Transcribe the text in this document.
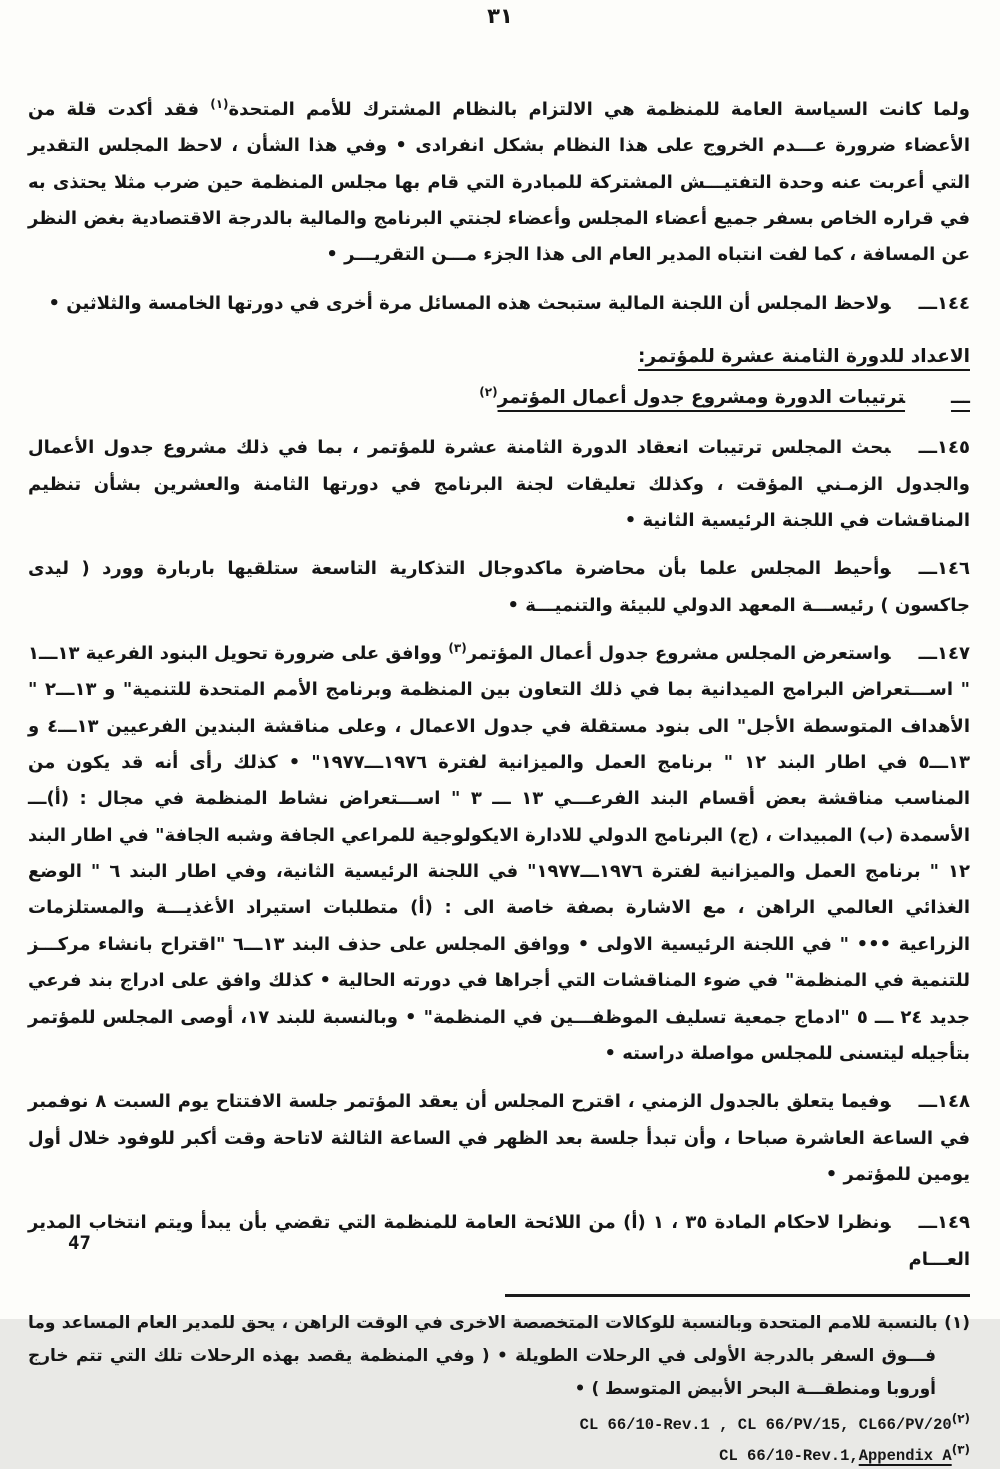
٣١

ولما كانت السياسة العامة للمنظمة هي الالتزام بالنظام المشترك للأمم المتحدة$^{(١)}$ فقد أكدت قلة من الأعضاء ضرورة عـــدم الخروج على هذا النظام بشكل انفرادى • وفي هذا الشأن ، لاحظ المجلس التقدير التي أعربت عنه وحدة التفتيـــش المشتركة للمبادرة التي قام بها مجلس المنظمة حين ضرب مثلا يحتذى به في قراره الخاص بسفر جميع أعضاء المجلس وأعضاء لجنتي البرنامج والمالية بالدرجة الاقتصادية بغض النظر عن المسافة ، كما لفت انتباه المدير العام الى هذا الجزء مـــن التقريـــر •

١٤٤ـــولاحظ المجلس أن اللجنة المالية ستبحث هذه المسائل مرة أخرى في دورتها الخامسة والثلاثين •

الاعداد للدورة الثامنة عشرة للمؤتمر:
ـــترتيبات الدورة ومشروع جدول أعمال المؤتمر$^{(٢)}$

١٤٥ـــبحث المجلس ترتيبات انعقاد الدورة الثامنة عشرة للمؤتمر ، بما في ذلك مشروع جدول الأعمال والجدول الزمـني المؤقت ، وكذلك تعليقات لجنة البرنامج في دورتها الثامنة والعشرين بشأن تنظيم المناقشات في اللجنة الرئيسية الثانية •

١٤٦ـــوأحيط المجلس علما بأن محاضرة ماكدوجال التذكارية التاسعة ستلقيها باربارة وورد ( ليدى جاكسون ) رئيســـة المعهد الدولي للبيئة والتنميـــة •

١٤٧ـــواستعرض المجلس مشروع جدول أعمال المؤتمر$^{(٣)}$ ووافق على ضرورة تحويل البنود الفرعية ١٣ـــ١ " اســـتعراض البرامج الميدانية بما في ذلك التعاون بين المنظمة وبرنامج الأمم المتحدة للتنمية" و ١٣ـــ٢ " الأهداف المتوسطة الأجل" الى بنود مستقلة في جدول الاعمال ، وعلى مناقشة البندين الفرعيين ١٣ـــ٤ و ١٣ـــ٥ في اطار البند ١٢ " برنامج العمل والميزانية لفترة ١٩٧٦ـــ١٩٧٧" • كذلك رأى أنه قد يكون من المناسب مناقشة بعض أقسام البند الفرعـــي ١٣ ـــ ٣ " اســـتعراض نشاط المنظمة في مجال : (أ)ـــ الأسمدة (ب) المبيدات ، (ج) البرنامج الدولي للادارة الايكولوجية للمراعي الجافة وشبه الجافة" في اطار البند ١٢ " برنامج العمل والميزانية لفترة ١٩٧٦ـــ١٩٧٧" في اللجنة الرئيسية الثانية، وفي اطار البند ٦ " الوضع الغذائي العالمي الراهن ، مع الاشارة بصفة خاصة الى : (أ) متطلبات استيراد الأغذيـــة والمستلزمات الزراعية ••• " في اللجنة الرئيسية الاولى • ووافق المجلس على حذف البند ١٣ـــ٦ "اقتراح بانشاء مركـــز للتنمية في المنظمة" في ضوء المناقشات التي أجراها في دورته الحالية • كذلك وافق على ادراج بند فرعي جديد ٢٤ ـــ ٥ "ادماج جمعية تسليف الموظفـــين في المنظمة" • وبالنسبة للبند ١٧، أوصى المجلس للمؤتمر بتأجيله ليتسنى للمجلس مواصلة دراسته •

١٤٨ـــوفيما يتعلق بالجدول الزمني ، اقترح المجلس أن يعقد المؤتمر جلسة الافتتاح يوم السبت ٨ نوفمبر في الساعة العاشرة صباحا ، وأن تبدأ جلسة بعد الظهر في الساعة الثالثة لاتاحة وقت أكبر للوفود خلال أول يومين للمؤتمر •

١٤٩ـــونظرا لاحكام المادة ٣٥ ، ١ (أ) من اللائحة العامة للمنظمة التي تقضي بأن يبدأ ويتم انتخاب المدير العـــام

(١) بالنسبة للامم المتحدة وبالنسبة للوكالات المتخصصة الاخرى في الوقت الراهن ، يحق للمدير العام المساعد وما فـــوق السفر بالدرجة الأولى في الرحلات الطويلة • ( وفي المنظمة يقصد بهذه الرحلات تلك التي تتم خارج أوروبا ومنطقـــة البحر الأبيض المتوسط ) •

$^{(٢)}$CL 66/10-Rev.1 , CL 66/PV/15, CL66/PV/20

$^{(٣)}$CL 66/10-Rev.1,Appendix A

47
